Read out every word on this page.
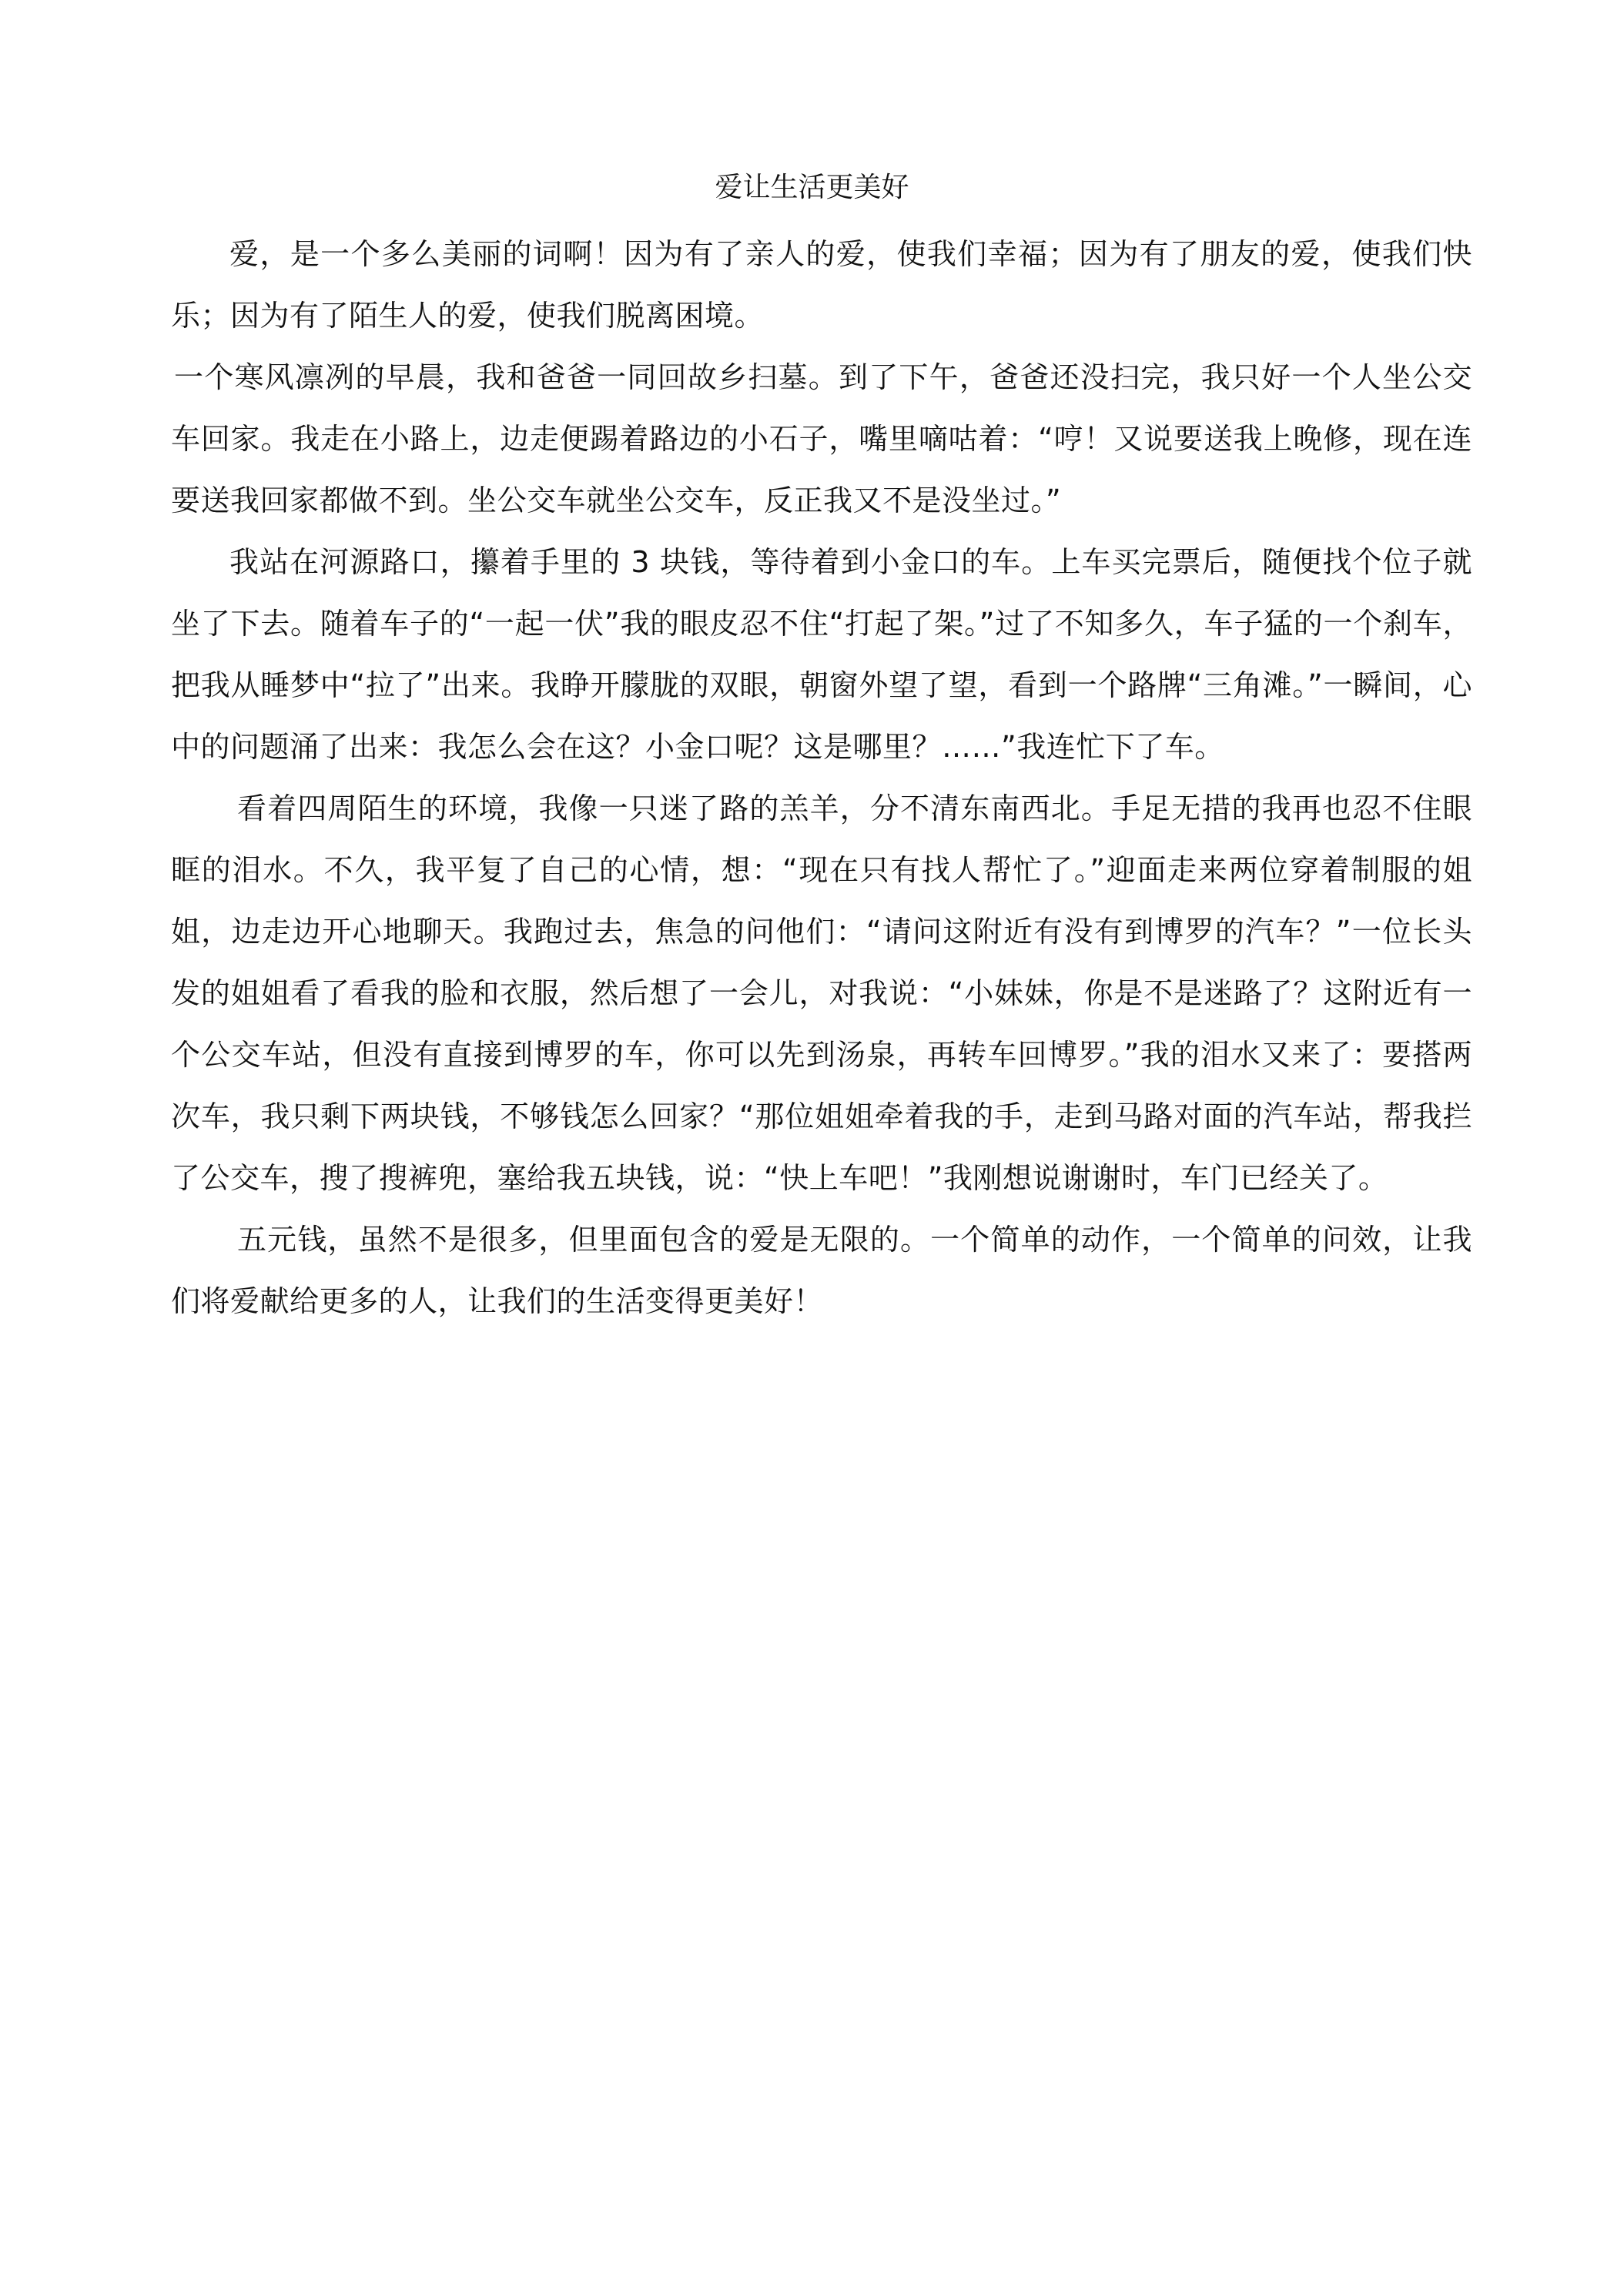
爱让生活更美好

爱，是一个多么美丽的词啊！因为有了亲人的爱，使我们幸福；因为有了朋友的爱，使我们快乐；因为有了陌生人的爱，使我们脱离困境。

一个寒风凛冽的早晨，我和爸爸一同回故乡扫墓。到了下午，爸爸还没扫完，我只好一个人坐公交车回家。我走在小路上，边走便踢着路边的小石子，嘴里嘀咕着：“哼！又说要送我上晚修，现在连要送我回家都做不到。坐公交车就坐公交车，反正我又不是没坐过。”

我站在河源路口，攥着手里的 3 块钱，等待着到小金口的车。上车买完票后，随便找个位子就坐了下去。随着车子的“一起一伏”我的眼皮忍不住“打起了架。”过了不知多久，车子猛的一个刹车，把我从睡梦中“拉了”出来。我睁开朦胧的双眼，朝窗外望了望，看到一个路牌“三角滩。”一瞬间，心中的问题涌了出来：我怎么会在这？小金口呢？这是哪里？……”我连忙下了车。

看着四周陌生的环境，我像一只迷了路的羔羊，分不清东南西北。手足无措的我再也忍不住眼眶的泪水。不久，我平复了自己的心情，想：“现在只有找人帮忙了。”迎面走来两位穿着制服的姐姐，边走边开心地聊天。我跑过去，焦急的问他们：“请问这附近有没有到博罗的汽车？”一位长头发的姐姐看了看我的脸和衣服，然后想了一会儿，对我说：“小妹妹，你是不是迷路了？这附近有一个公交车站，但没有直接到博罗的车，你可以先到汤泉，再转车回博罗。”我的泪水又来了：要搭两次车，我只剩下两块钱，不够钱怎么回家？“那位姐姐牵着我的手，走到马路对面的汽车站，帮我拦了公交车，搜了搜裤兜，塞给我五块钱，说：“快上车吧！”我刚想说谢谢时，车门已经关了。

五元钱，虽然不是很多，但里面包含的爱是无限的。一个简单的动作，一个简单的问效，让我们将爱献给更多的人，让我们的生活变得更美好！
